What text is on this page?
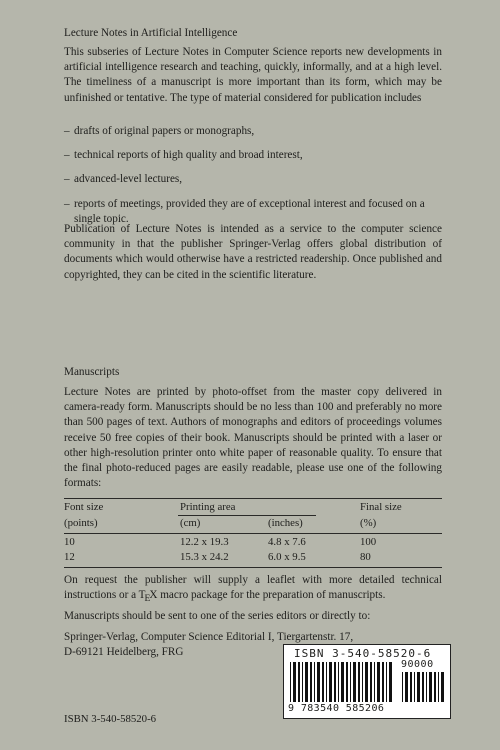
Lecture Notes in Artificial Intelligence

This subseries of Lecture Notes in Computer Science reports new developments in artificial intelligence research and teaching, quickly, informally, and at a high level. The timeliness of a manuscript is more important than its form, which may be unfinished or tentative. The type of material considered for publication includes

– drafts of original papers or monographs,
– technical reports of high quality and broad interest,
– advanced-level lectures,
– reports of meetings, provided they are of exceptional interest and focused on a single topic.

Publication of Lecture Notes is intended as a service to the computer science community in that the publisher Springer-Verlag offers global distribution of documents which would otherwise have a restricted readership. Once published and copyrighted, they can be cited in the scientific literature.

Manuscripts

Lecture Notes are printed by photo-offset from the master copy delivered in camera-ready form. Manuscripts should be no less than 100 and preferably no more than 500 pages of text. Authors of monographs and editors of proceedings volumes receive 50 free copies of their book. Manuscripts should be printed with a laser or other high-resolution printer onto white paper of reasonable quality. To ensure that the final photo-reduced pages are easily readable, please use one of the following formats:

On request the publisher will supply a leaflet with more detailed technical instructions or a $T_EX$ macro package for the preparation of manuscripts.

Manuscripts should be sent to one of the series editors or directly to:

Springer-Verlag, Computer Science Editorial I, Tiergartenstr. 17,
D-69121 Heidelberg, FRG
Font size	Printing area	Final size
(points)	(cm)	(inches)	(%)
10	12.2 x 19.3	4.8 x 7.6	100
12	15.3 x 24.2	6.0 x 9.5	80
ISBN 3-540-58520-6
9 783540 585206
90000
ISBN 3-540-58520-6
